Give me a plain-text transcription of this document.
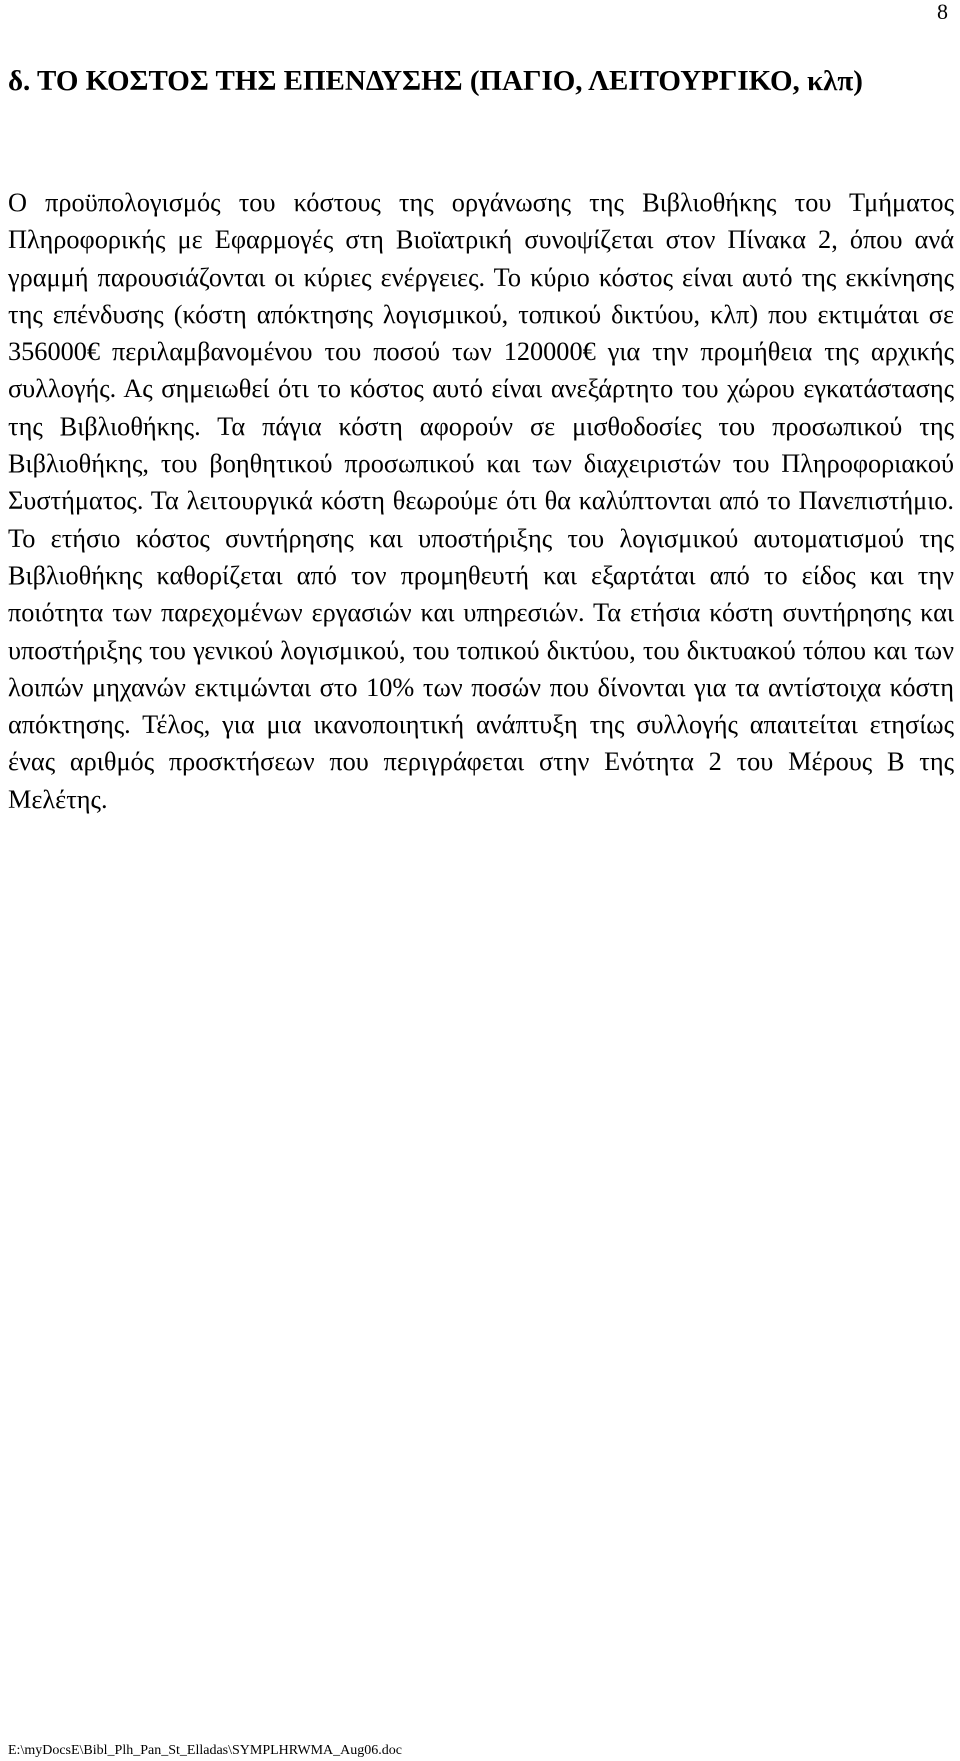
8
δ. ΤΟ ΚΟΣΤΟΣ ΤΗΣ ΕΠΕΝΔΥΣΗΣ (ΠΑΓΙΟ, ΛΕΙΤΟΥΡΓΙΚΟ, κλπ)

Ο προϋπολογισμός του κόστους της οργάνωσης της Βιβλιοθήκης του Τμήματος Πληροφορικής με Εφαρμογές στη Βιοϊατρική συνοψίζεται στον Πίνακα 2, όπου ανά γραμμή παρουσιάζονται οι κύριες ενέργειες. Το κύριο κόστος είναι αυτό της εκκίνησης της επένδυσης (κόστη απόκτησης λογισμικού, τοπικού δικτύου, κλπ) που εκτιμάται σε 356000€ περιλαμβανομένου του ποσού των 120000€ για την προμήθεια της αρχικής συλλογής. Ας σημειωθεί ότι το κόστος αυτό είναι ανεξάρτητο του χώρου εγκατάστασης της Βιβλιοθήκης. Τα πάγια κόστη αφορούν σε μισθοδοσίες του προσωπικού της Βιβλιοθήκης, του βοηθητικού προσωπικού και των διαχειριστών του Πληροφοριακού Συστήματος. Τα λειτουργικά κόστη θεωρούμε ότι θα καλύπτονται από το Πανεπιστήμιο. Το ετήσιο κόστος συντήρησης και υποστήριξης του λογισμικού αυτοματισμού της Βιβλιοθήκης καθορίζεται από τον προμηθευτή και εξαρτάται από το είδος και την ποιότητα των παρεχομένων εργασιών και υπηρεσιών. Τα ετήσια κόστη συντήρησης και υποστήριξης του γενικού λογισμικού, του τοπικού δικτύου, του δικτυακού τόπου και των λοιπών μηχανών εκτιμώνται στο 10% των ποσών που δίνονται για τα αντίστοιχα κόστη απόκτησης. Τέλος, για μια ικανοποιητική ανάπτυξη της συλλογής απαιτείται ετησίως ένας αριθμός προσκτήσεων που περιγράφεται στην Ενότητα 2 του Μέρους Β της Μελέτης.

E:\myDocsE\Bibl_Plh_Pan_St_Elladas\SYMPLHRWMA_Aug06.doc
